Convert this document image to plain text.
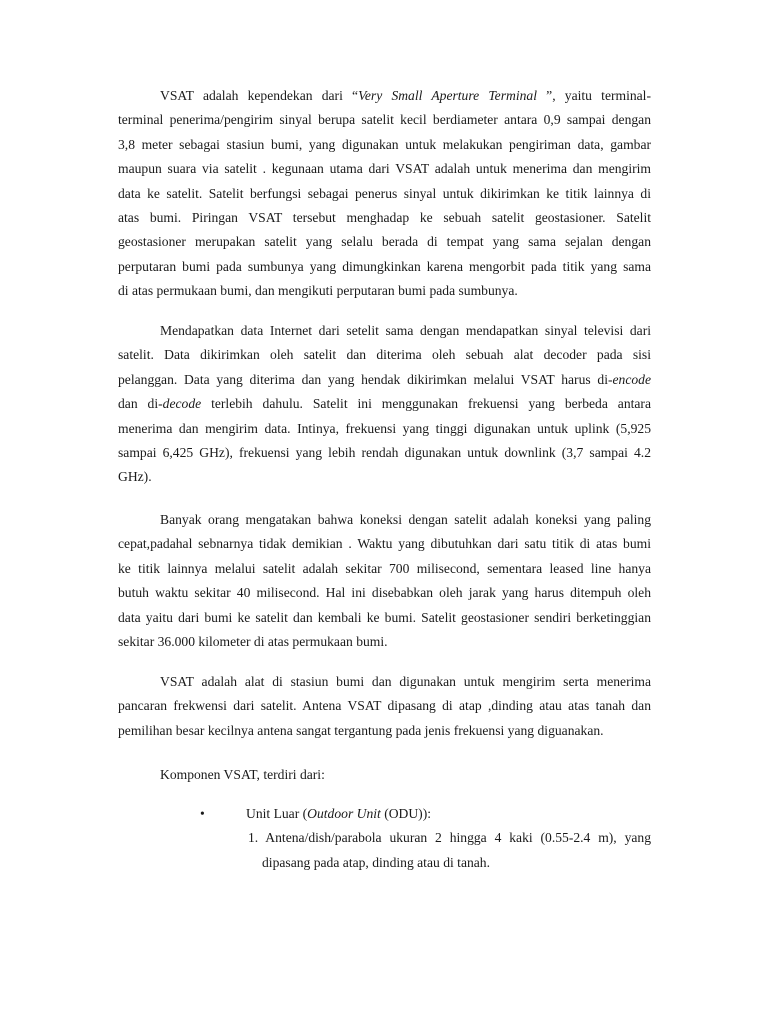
VSAT adalah kependekan dari “Very Small Aperture Terminal ”, yaitu terminal-
terminal penerima/pengirim sinyal berupa satelit kecil berdiameter antara 0,9 sampai dengan
3,8 meter sebagai stasiun bumi, yang digunakan untuk melakukan pengiriman data, gambar
maupun suara via satelit . kegunaan utama dari VSAT adalah untuk menerima dan mengirim
data ke satelit. Satelit berfungsi sebagai penerus sinyal untuk dikirimkan ke titik lainnya di
atas bumi. Piringan VSAT tersebut menghadap ke sebuah satelit geostasioner. Satelit
geostasioner merupakan satelit yang selalu berada di tempat yang sama sejalan dengan
perputaran bumi pada sumbunya yang dimungkinkan karena mengorbit pada titik yang sama
di atas permukaan bumi, dan mengikuti perputaran bumi pada sumbunya.

Mendapatkan data Internet dari setelit sama dengan mendapatkan sinyal televisi dari
satelit. Data dikirimkan oleh satelit dan diterima oleh sebuah alat decoder pada sisi
pelanggan. Data yang diterima dan yang hendak dikirimkan melalui VSAT harus di-encode
dan di-decode terlebih dahulu. Satelit ini menggunakan frekuensi yang berbeda antara
menerima dan mengirim data. Intinya, frekuensi yang tinggi digunakan untuk uplink (5,925
sampai 6,425 GHz), frekuensi yang lebih rendah digunakan untuk downlink (3,7 sampai 4.2
GHz).

Banyak orang mengatakan bahwa koneksi dengan satelit adalah koneksi yang paling
cepat,padahal sebnarnya tidak demikian . Waktu yang dibutuhkan dari satu titik di atas bumi
ke titik lainnya melalui satelit adalah sekitar 700 milisecond, sementara leased line hanya
butuh waktu sekitar 40 milisecond. Hal ini disebabkan oleh jarak yang harus ditempuh oleh
data yaitu dari bumi ke satelit dan kembali ke bumi. Satelit geostasioner sendiri berketinggian
sekitar 36.000 kilometer di atas permukaan bumi.

VSAT adalah alat di stasiun bumi dan digunakan untuk mengirim serta menerima
pancaran frekwensi dari satelit. Antena VSAT dipasang di atap ,dinding atau atas tanah dan
pemilihan besar kecilnya antena sangat tergantung pada jenis frekuensi yang diguanakan.

Komponen VSAT, terdiri dari:

•	Unit Luar (Outdoor Unit (ODU)):
1. Antena/dish/parabola ukuran 2 hingga 4 kaki (0.55-2.4 m), yang
dipasang pada atap, dinding atau di tanah.
